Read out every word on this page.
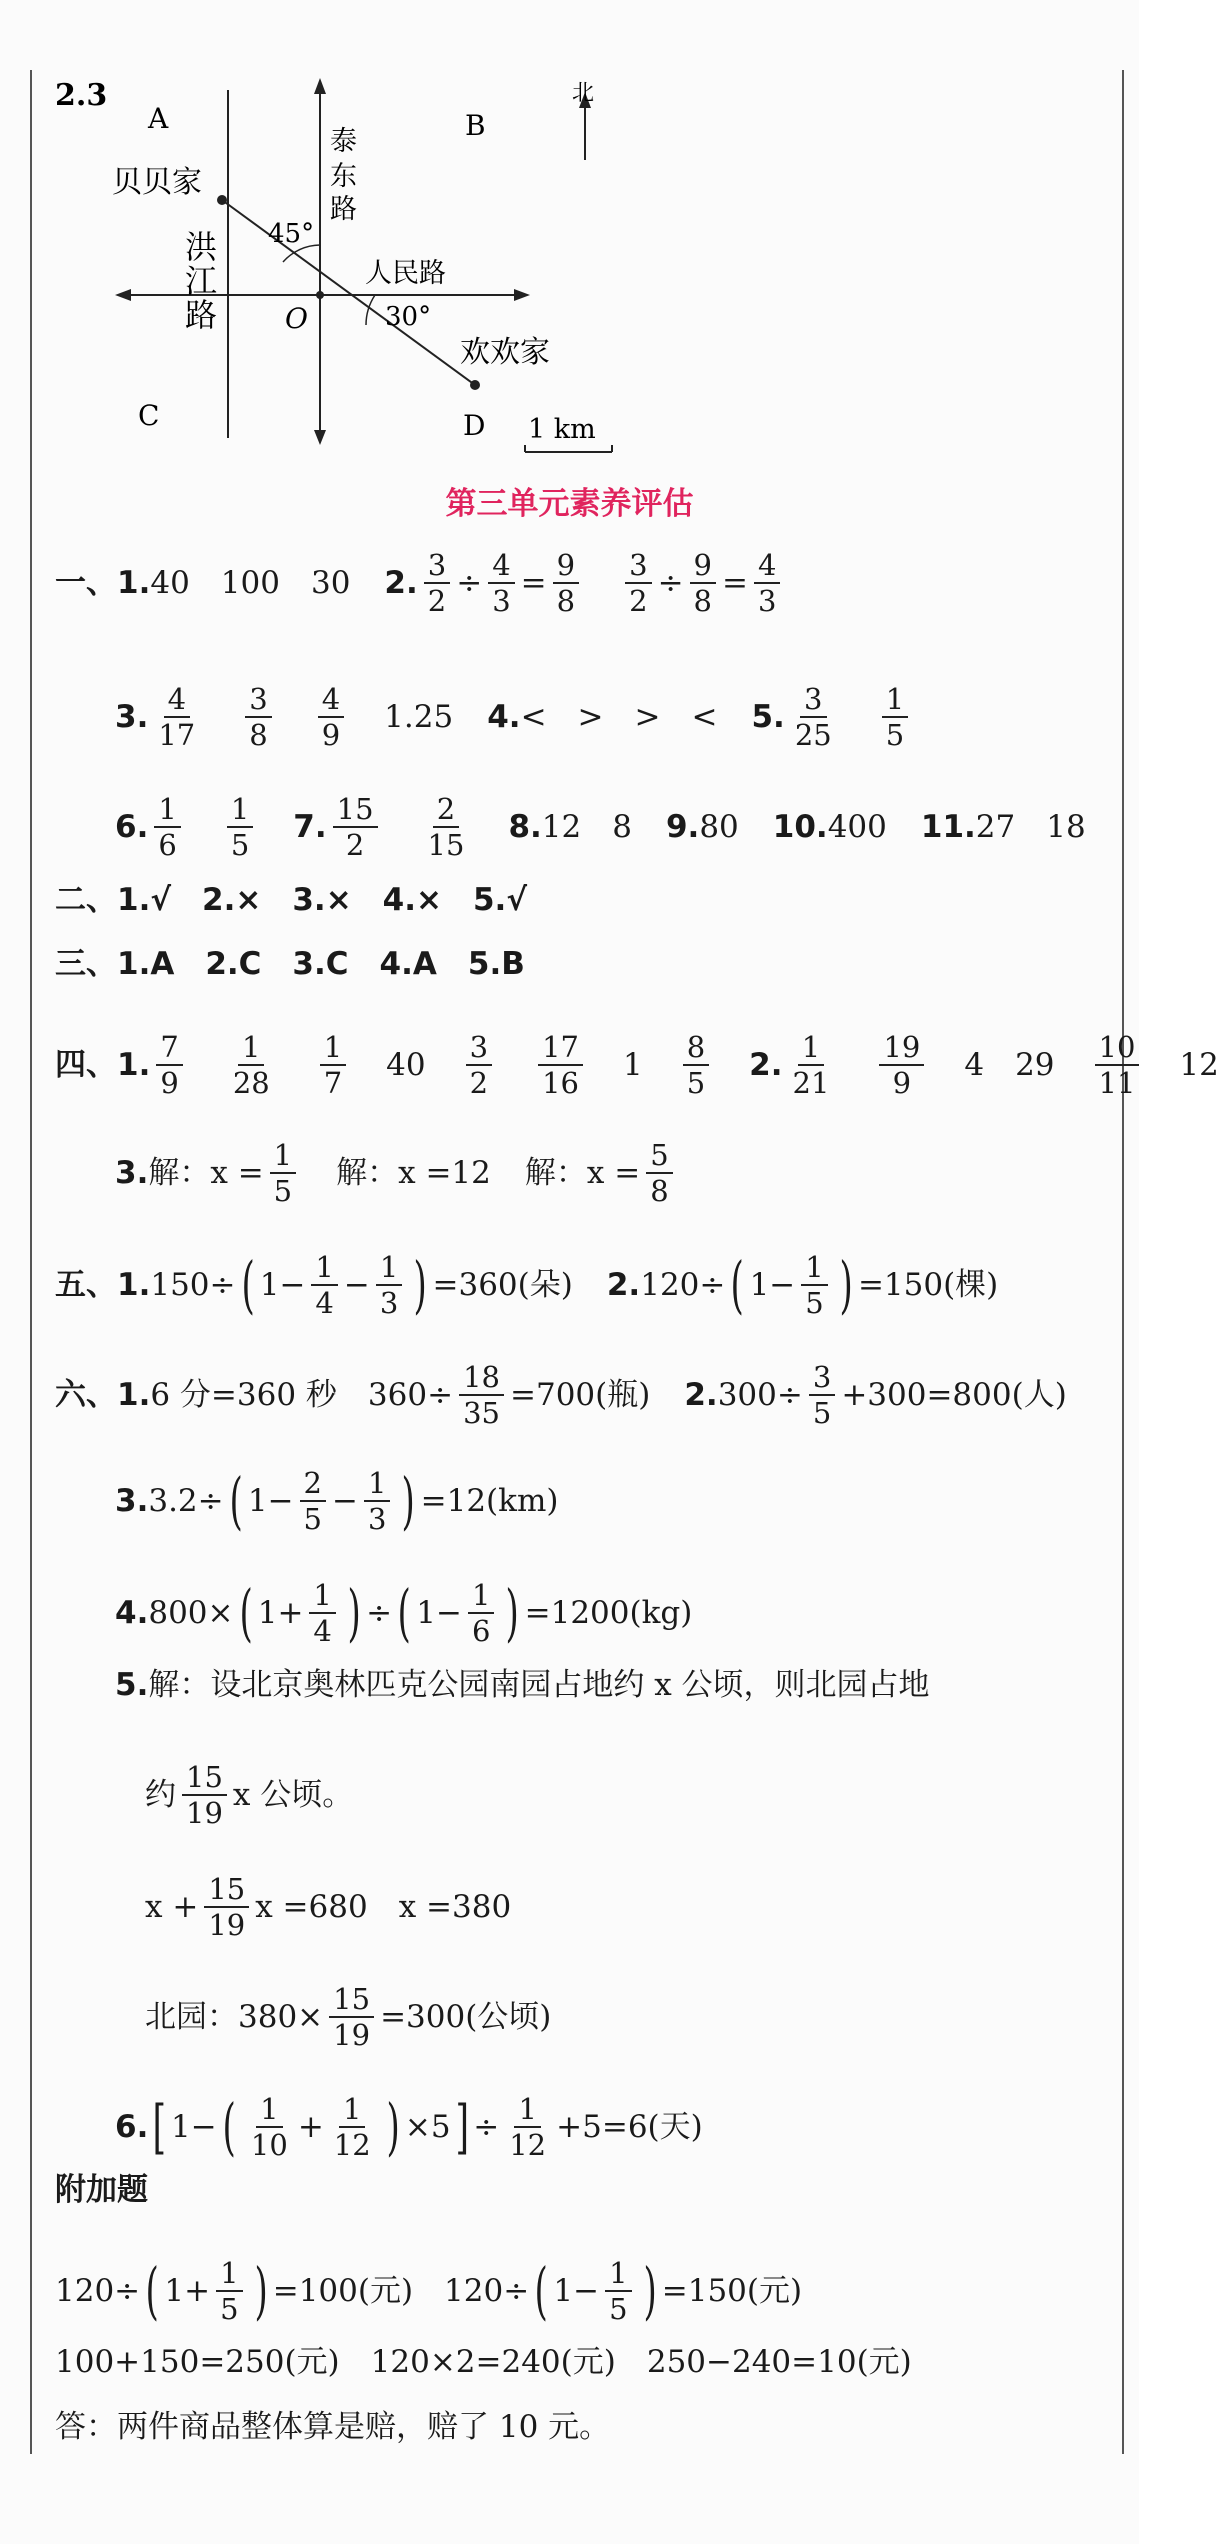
2.3
A	B
C	D
北
45°
30°
O
贝贝家
欢欢家
人民路
泰
东
路
洪
江
路
1 km
第三单元素养评估
一、1. 40　100　30 2. $\frac{3}{2} \div \frac{4}{3} = \frac{9}{8} \frac{3}{2} \div \frac{9}{8} = \frac{4}{3}$
3. $\frac{4}{17} \frac{3}{8} \frac{4}{9} 1.25$ 4. <　>　>　< 5. $\frac{3}{25} \frac{1}{5}$
6. $\frac{1}{6} \frac{1}{5} 7$. $\frac{15}{2} \frac{2}{15} 8$. 12　8 9. 80 10. 400 11. 27　18
二、 1.√　2.×　3.×　4.×　5.√
三、 1.A　2.C　3.C　4.A　5.B
四、1. $\frac{7}{9} \frac{1}{28} \frac{1}{7} 40 \frac{3}{2} \frac{17}{16} 1 \frac{8}{5} 2$. $\frac{1}{21} \frac{19}{9} 4$　$29 \frac{10}{11} 12$
3. 解：$x = \frac{1}{5}$ 解：x =12 解：$x = \frac{5}{8}$
五、1. 150÷ ( $1- \frac{1}{4} - \frac{1}{3}$ ) =360(朵) 2. 120÷ ( $1- \frac{1}{5}$ ) =150(棵)
六、1. 6 分=360 秒　$360\div \frac{18}{35} =700$(瓶) 2. $300\div \frac{3}{5} +300=800$(人)
3. 3.2÷ ( $1- \frac{2}{5} - \frac{1}{3}$ ) =12(km)
4. 800× ( $1+ \frac{1}{4}$ ) ÷ ( $1- \frac{1}{6}$ ) =1200(kg)
5. 解：设北京奥林匹克公园南园占地约 x 公顷，则北园占地
约 $\frac{15}{19}$ x 公顷。
$x + \frac{15}{19}$ x =680　x =380
北园：$380\times \frac{15}{19} =300$(公顷)
6. [ 1− ( $\frac{1}{10} + \frac{1}{12}$ ) ×5 ] ÷ $\frac{1}{12} +5=6$(天)
附加题
120÷ ( $1+ \frac{1}{5}$ ) =100(元)　120÷ ( $1- \frac{1}{5}$ ) =150(元)
100+150=250(元)　120×2=240(元)　250−240=10(元)
答：两件商品整体算是赔，赔了 10 元。
